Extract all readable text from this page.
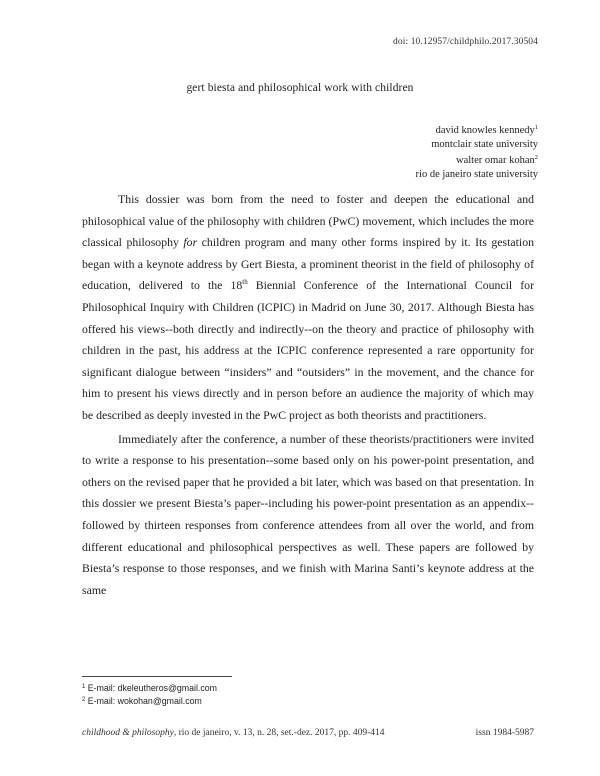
doi: 10.12957/childphilo.2017.30504
gert biesta and philosophical work with children
david knowles kennedy$^1$
montclair state university
walter omar kohan$^2$
rio de janeiro state university

This dossier was born from the need to foster and deepen the educational and philosophical value of the philosophy with children (PwC) movement, which includes the more classical philosophy for children program and many other forms inspired by it. Its gestation began with a keynote address by Gert Biesta, a prominent theorist in the field of philosophy of education, delivered to the 18th Biennial Conference of the International Council for Philosophical Inquiry with Children (ICPIC) in Madrid on June 30, 2017. Although Biesta has offered his views--both directly and indirectly--on the theory and practice of philosophy with children in the past, his address at the ICPIC conference represented a rare opportunity for significant dialogue between “insiders” and “outsiders” in the movement, and the chance for him to present his views directly and in person before an audience the majority of which may be described as deeply invested in the PwC project as both theorists and practitioners.

Immediately after the conference, a number of these theorists/practitioners were invited to write a response to his presentation--some based only on his power-point presentation, and others on the revised paper that he provided a bit later, which was based on that presentation. In this dossier we present Biesta’s paper--including his power-point presentation as an appendix--followed by thirteen responses from conference attendees from all over the world, and from different educational and philosophical perspectives as well. These papers are followed by Biesta’s response to those responses, and we finish with Marina Santi’s keynote address at the same

$^1$ E-mail: dkeleutheros@gmail.com
$^2$ E-mail: wokohan@gmail.com
childhood & philosophy, rio de janeiro, v. 13, n. 28, set.-dez. 2017, pp. 409-414	issn 1984-5987
